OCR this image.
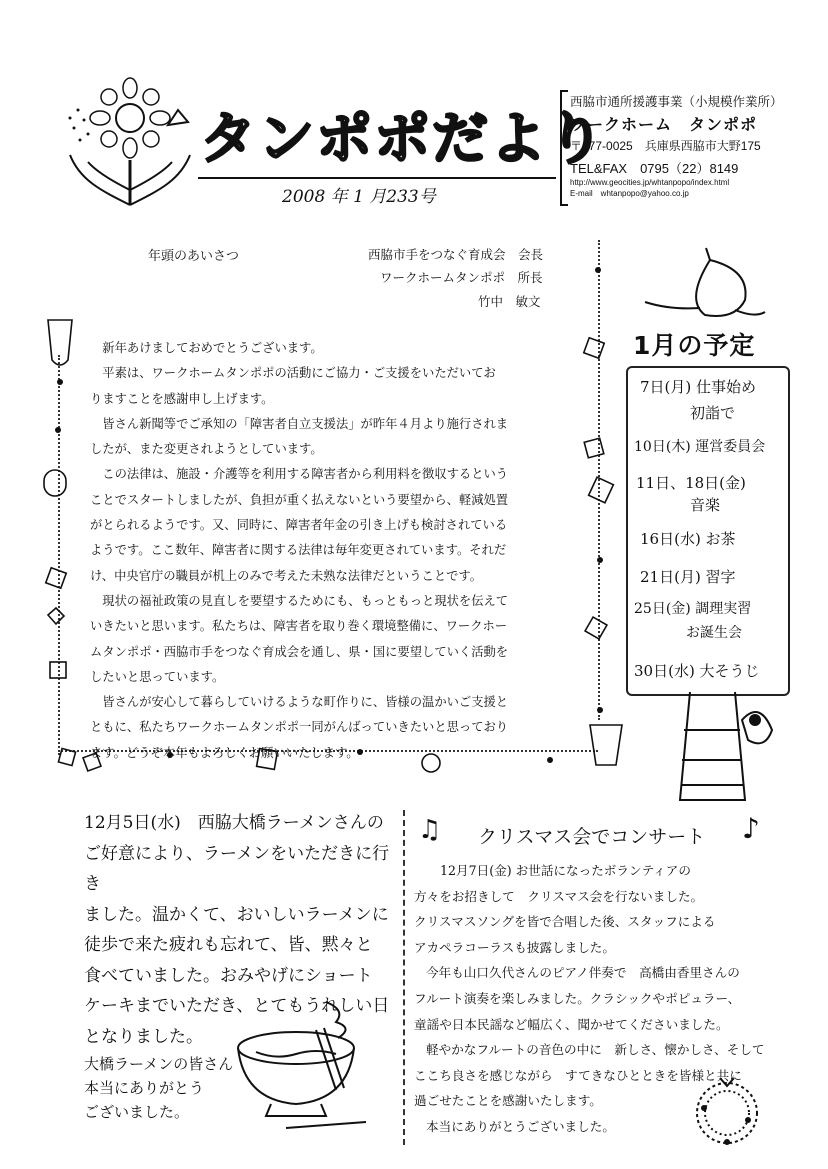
タンポポだより
2008 年 1 月233号
西脇市通所援護事業（小規模作業所）
ワークホーム　タンポポ
〒677-0025　兵庫県西脇市大野175
TEL&FAX　0795（22）8149
http://www.geocities.jp/whtanpopo/index.html
E-mail　whtanpopo@yahoo.co.jp
年頭のあいさつ	西脇市手をつなぐ育成会　会長
ワークホームタンポポ　所長
竹中　敏文

新年あけましておめでとうございます。

平素は、ワークホームタンポポの活動にご協力・ご支援をいただいてお

りますことを感謝申し上げます。

皆さん新聞等でご承知の「障害者自立支援法」が昨年４月より施行されま

したが、また変更されようとしています。

この法律は、施設・介護等を利用する障害者から利用料を徴収するという

ことでスタートしましたが、負担が重く払えないという要望から、軽減処置

がとられるようです。又、同時に、障害者年金の引き上げも検討されている

ようです。ここ数年、障害者に関する法律は毎年変更されています。それだ

け、中央官庁の職員が机上のみで考えた未熟な法律だということです。

現状の福祉政策の見直しを要望するためにも、もっともっと現状を伝えて

いきたいと思います。私たちは、障害者を取り巻く環境整備に、ワークホー

ムタンポポ・西脇市手をつなぐ育成会を通し、県・国に要望していく活動を

したいと思っています。

皆さんが安心して暮らしていけるような町作りに、皆様の温かいご支援と

ともに、私たちワークホームタンポポ一同がんばっていきたいと思っており

ます。どうぞ本年もよろしくお願いいたします。

1月の予定
7日(月) 仕事始め
初詣で
10日(木) 運営委員会
11日、18日(金)
音楽
16日(水) お茶
21日(月) 習字
25日(金) 調理実習
お誕生会
30日(水) 大そうじ

12月5日(水)　西脇大橋ラーメンさんの

ご好意により、ラーメンをいただきに行き

ました。温かくて、おいしいラーメンに

徒歩で来た疲れも忘れて、皆、黙々と

食べていました。おみやげにショート

ケーキまでいただき、とてもうれしい日

となりました。

大橋ラーメンの皆さん

本当にありがとう

ございました。

♫ クリスマス会でコンサート ♪
12月7日(金) お世話になったボランティアの
方々をお招きして　クリスマス会を行ないました。
クリスマスソングを皆で合唱した後、スタッフによる
アカペラコーラスも披露しました。
今年も山口久代さんのピアノ伴奏で　高橋由香里さんの
フルート演奏を楽しみました。クラシックやポピュラー、
童謡や日本民謡など幅広く、聞かせてくださいました。
軽やかなフルートの音色の中に　新しさ、懐かしさ、そして
ここち良さを感じながら　すてきなひとときを皆様と共に
過ごせたことを感謝いたします。
本当にありがとうございました。
